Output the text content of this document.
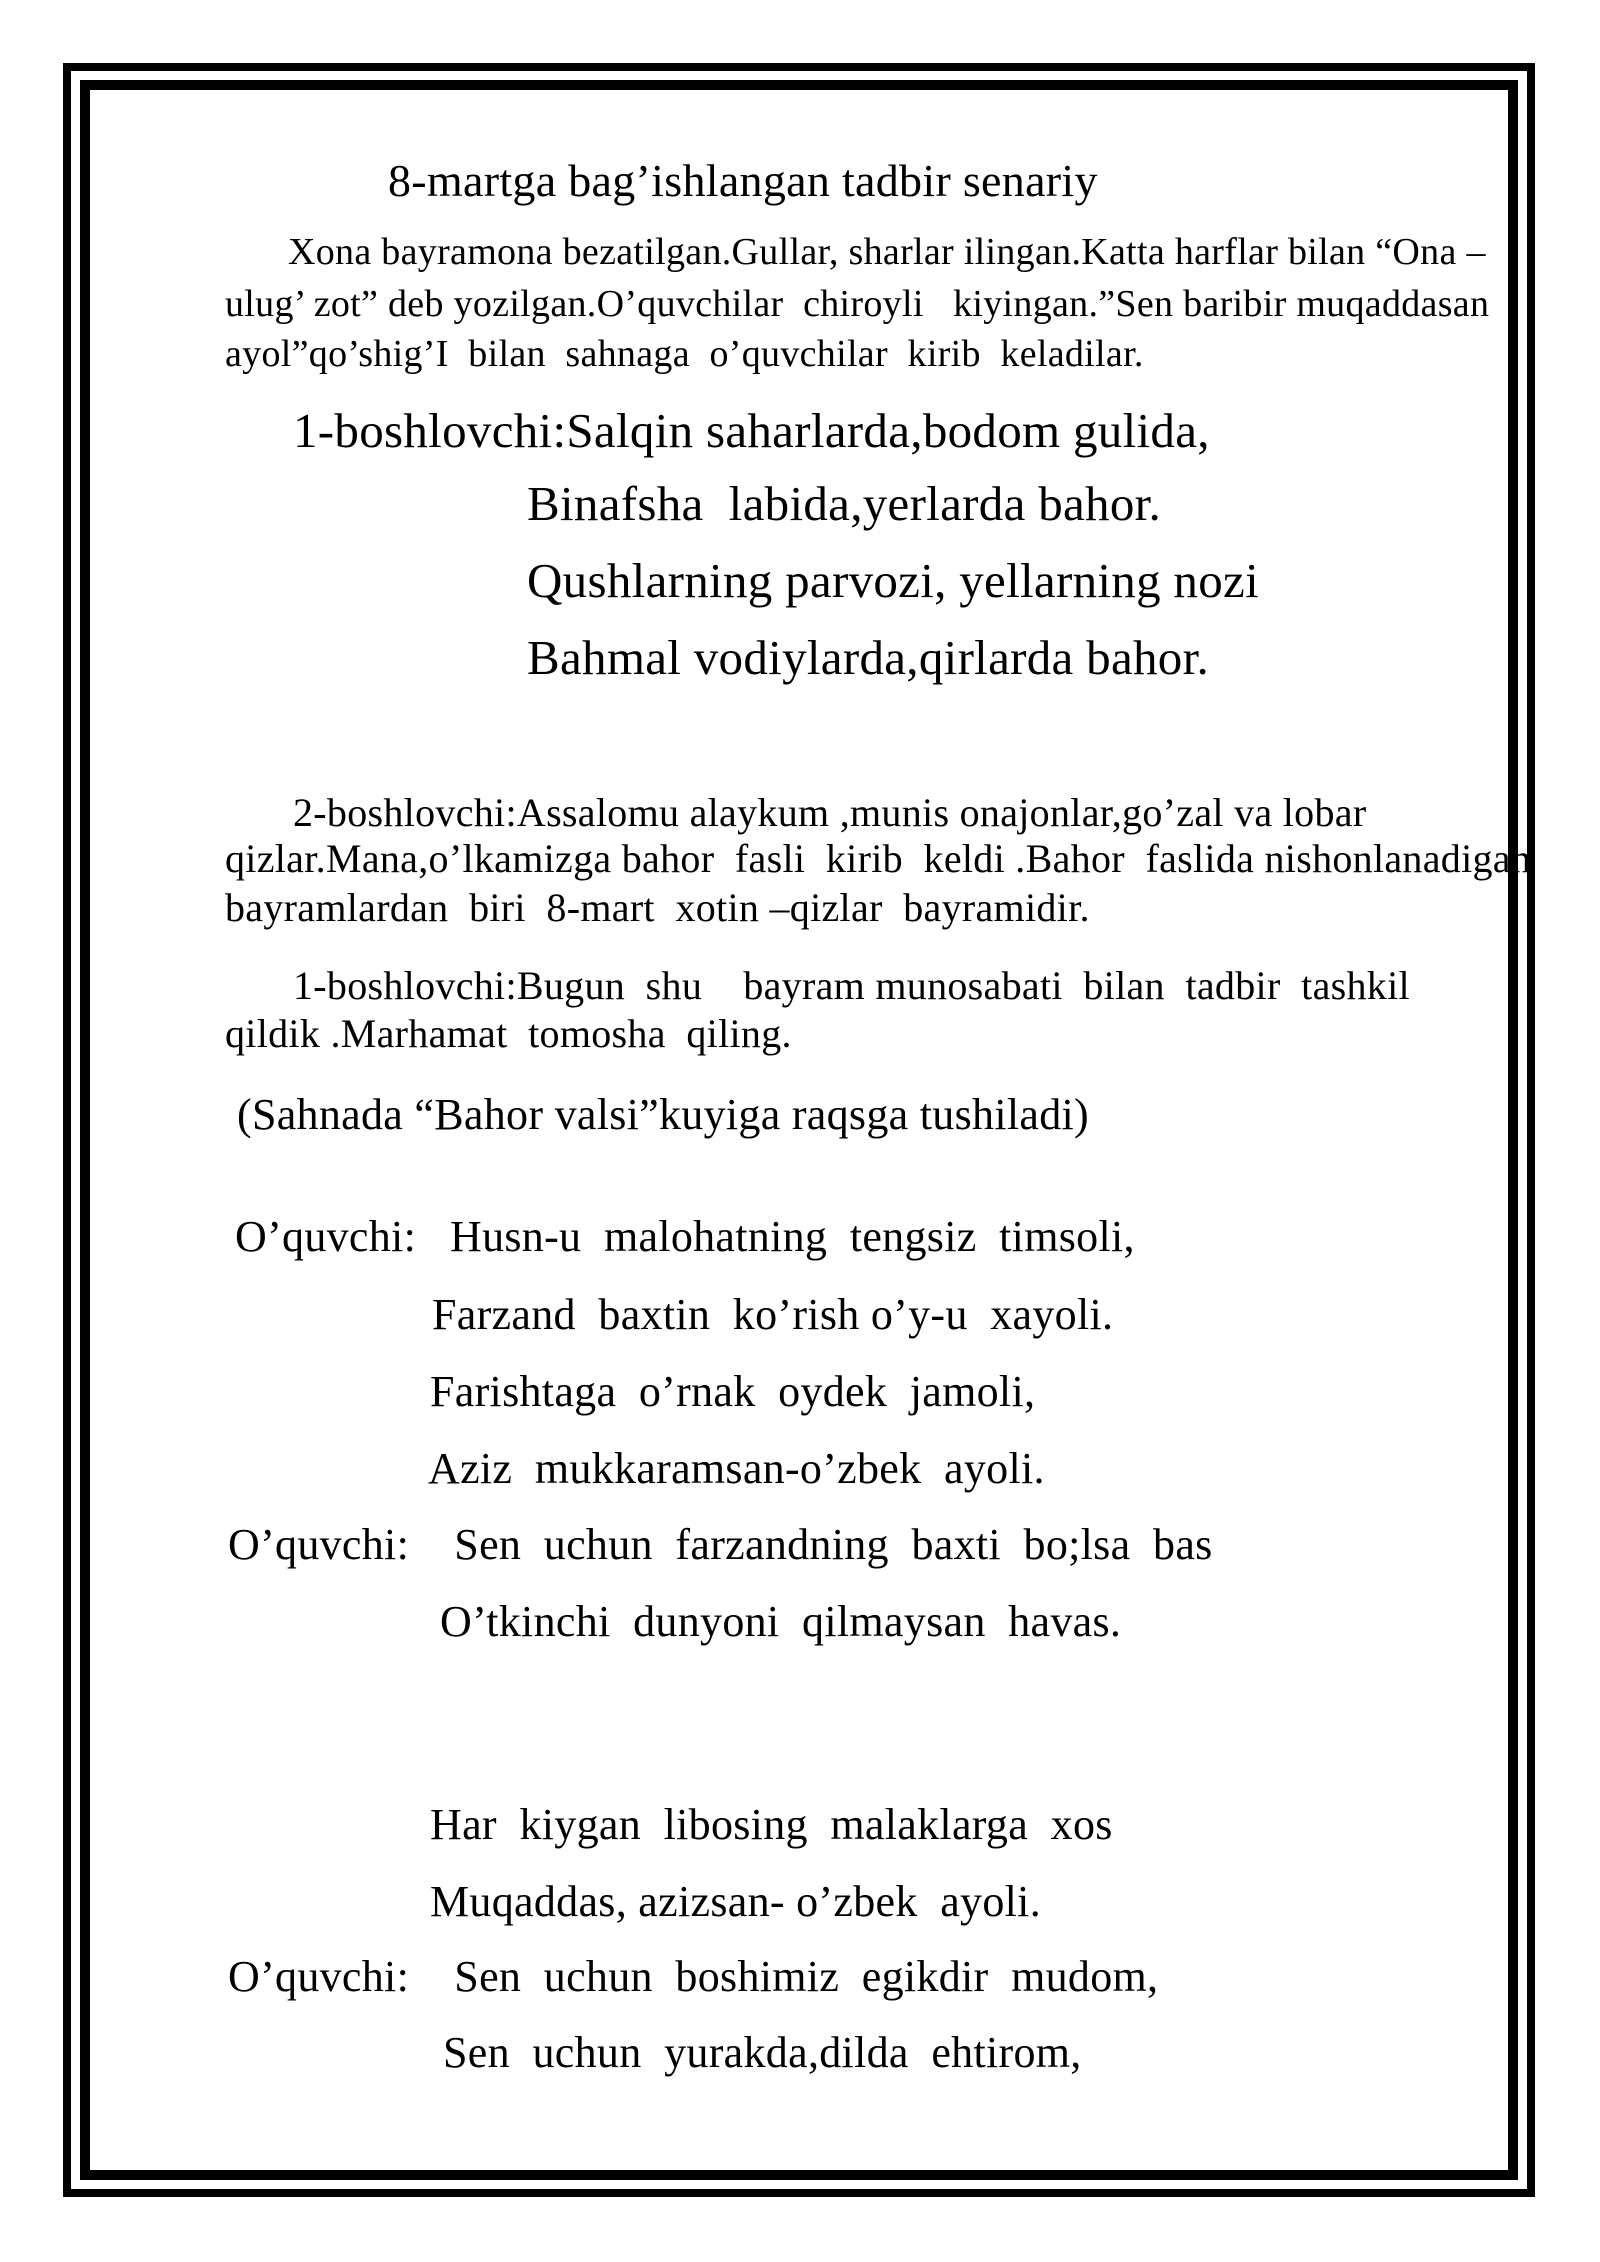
8-martga bag’ishlangan tadbir senariy
Xona bayramona bezatilgan.Gullar, sharlar ilingan.Katta harflar bilan “Ona –
ulug’ zot” deb yozilgan.O’quvchilar  chiroyli   kiyingan.”Sen baribir muqaddasan
ayol”qo’shig’I  bilan  sahnaga  o’quvchilar  kirib  keladilar.
1-boshlovchi:Salqin saharlarda,bodom gulida,
Binafsha  labida,yerlarda bahor.
Qushlarning parvozi, yellarning nozi
Bahmal vodiylarda,qirlarda bahor.
2-boshlovchi:Assalomu alaykum ,munis onajonlar,go’zal va lobar
qizlar.Mana,o’lkamizga bahor  fasli  kirib  keldi .Bahor  faslida nishonlanadigan
bayramlardan  biri  8-mart  xotin –qizlar  bayramidir.
1-boshlovchi:Bugun  shu    bayram munosabati  bilan  tadbir  tashkil
qildik .Marhamat  tomosha  qiling.
(Sahnada “Bahor valsi”kuyiga raqsga tushiladi)
O’quvchi:   Husn-u  malohatning  tengsiz  timsoli,
Farzand  baxtin  ko’rish o’y-u  xayoli.
Farishtaga  o’rnak  oydek  jamoli,
Aziz  mukkaramsan-o’zbek  ayoli.
O’quvchi:    Sen  uchun  farzandning  baxti  bo;lsa  bas
O’tkinchi  dunyoni  qilmaysan  havas.
Har  kiygan  libosing  malaklarga  xos
Muqaddas, azizsan- o’zbek  ayoli.
O’quvchi:    Sen  uchun  boshimiz  egikdir  mudom,
Sen  uchun  yurakda,dilda  ehtirom,
